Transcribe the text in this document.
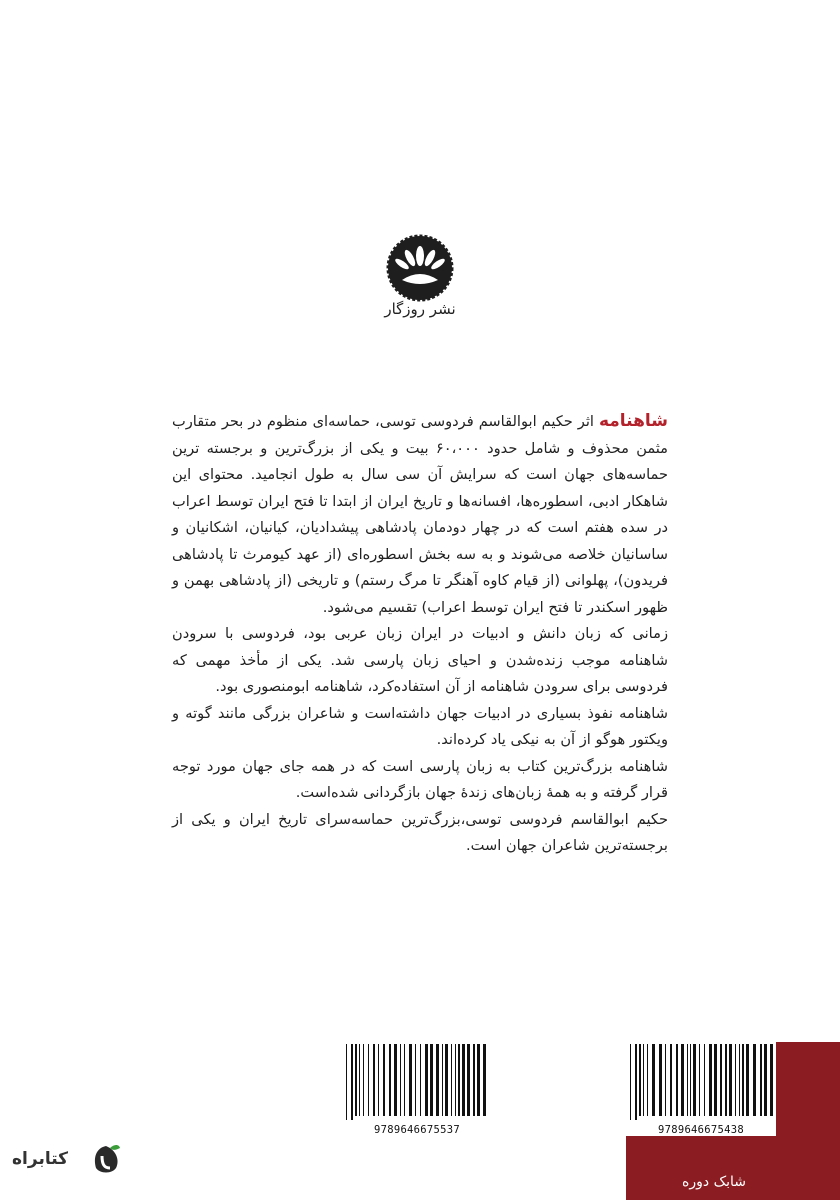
نشر روزگار

شاهنامه اثر حکیم ابوالقاسم فردوسی توسی، حماسه‌ای منظوم در بحر متقارب مثمن محذوف و شامل حدود ۶۰،۰۰۰ بیت و یکی از بزرگ‌ترین و برجسته ترین حماسه‌های جهان است که سرایش آن سی سال به طول انجامید. محتوای این شاهکار ادبی، اسطوره‌ها، افسانه‌ها و تاریخ ایران از ابتدا تا فتح ایران توسط اعراب در سده هفتم است که در چهار دودمان پادشاهی پیشدادیان، کیانیان، اشکانیان و ساسانیان خلاصه می‌شوند و به سه بخش اسطوره‌ای (از عهد کیومرث تا پادشاهی فریدون)، پهلوانی (از قیام کاوه آهنگر تا مرگ رستم) و تاریخی (از پادشاهی بهمن و ظهور اسکندر تا فتح ایران توسط اعراب) تقسیم می‌شود.

زمانی که زبان دانش و ادبیات در ایران زبان عربی بود، فردوسی با سرودن شاهنامه موجب زنده‌شدن و احیای زبان پارسی شد. یکی از مأخذ مهمی که فردوسی برای سرودن شاهنامه از آن استفاده‌کرد، شاهنامه ابومنصوری بود.

شاهنامه نفوذ بسیاری در ادبیات جهان داشته‌است و شاعران بزرگی مانند گوته و ویکتور هوگو از آن به نیکی یاد کرده‌اند.

شاهنامه بزرگ‌ترین کتاب به زبان پارسی است که در همه جای جهان مورد توجه قرار گرفته و به همهٔ زبان‌های زندهٔ جهان بازگردانی شده‌است.

حکیم ابوالقاسم فردوسی توسی،بزرگ‌ترین حماسه‌سرای تاریخ ایران و یکی از برجسته‌ترین شاعران جهان است.

9789646675537
شابک دوره
9789646675438
کتابراه
